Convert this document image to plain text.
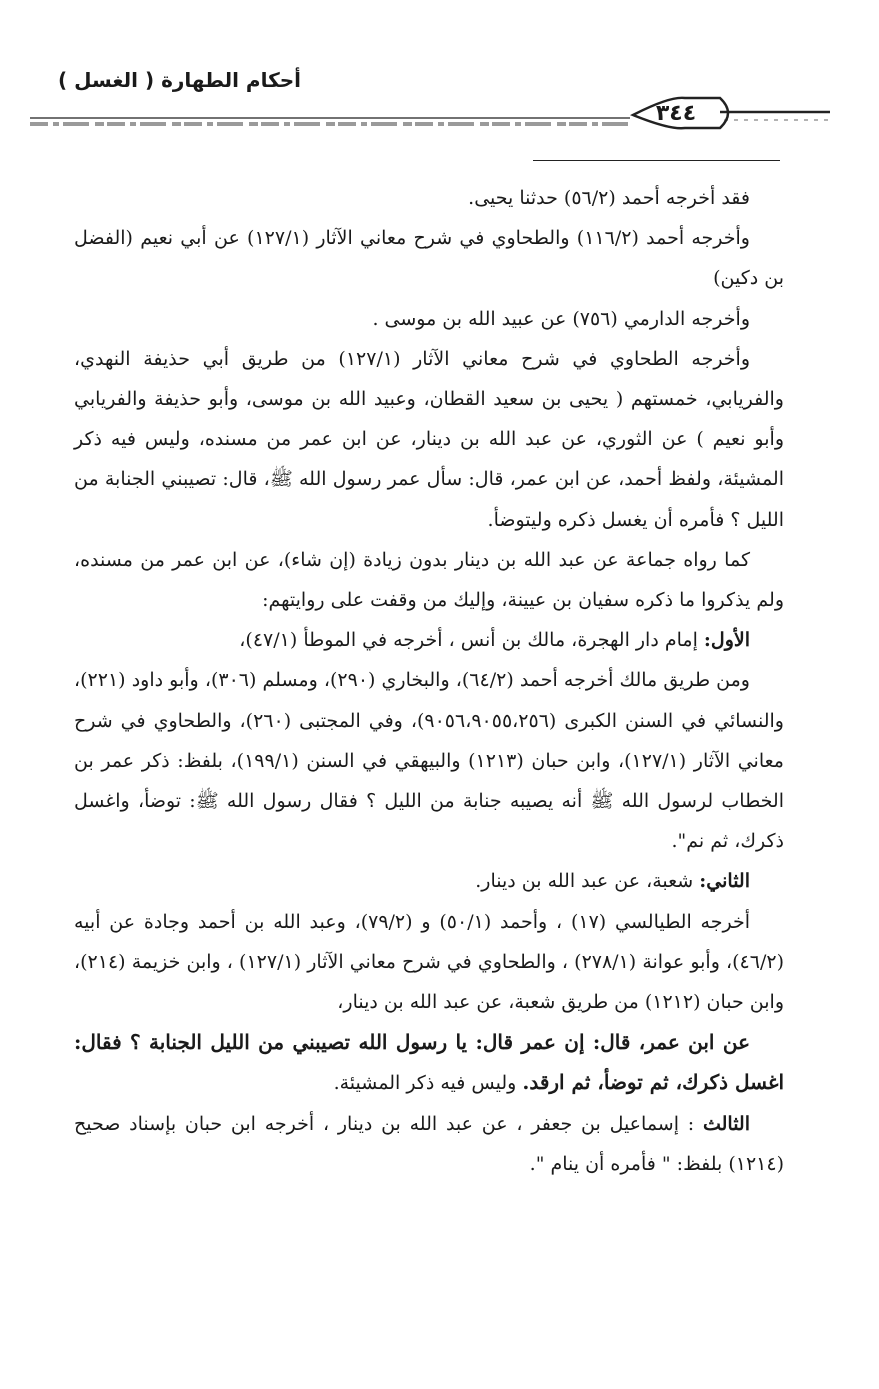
أحكام الطهارة ( الغسل )
٣٤٤

فقد أخرجه أحمد (٥٦/٢) حدثنا يحيى.

وأخرجه أحمد (١١٦/٢) والطحاوي في شرح معاني الآثار (١٢٧/١) عن أبي نعيم (الفضل بن دكين)

وأخرجه الدارمي (٧٥٦) عن عبيد الله بن موسى .

وأخرجه الطحاوي في شرح معاني الآثار (١٢٧/١) من طريق أبي حذيفة النهدي، والفريابي، خمستهم ( يحيى بن سعيد القطان، وعبيد الله بن موسى، وأبو حذيفة والفريابي وأبو نعيم ) عن الثوري، عن عبد الله بن دينار، عن ابن عمر من مسنده، وليس فيه ذكر المشيئة، ولفظ أحمد، عن ابن عمر، قال: سأل عمر رسول الله ﷺ، قال: تصيبني الجنابة من الليل ؟ فأمره أن يغسل ذكره وليتوضأ.

كما رواه جماعة عن عبد الله بن دينار بدون زيادة (إن شاء)، عن ابن عمر من مسنده، ولم يذكروا ما ذكره سفيان بن عيينة، وإليك من وقفت على روايتهم:

الأول: إمام دار الهجرة، مالك بن أنس ، أخرجه في الموطأ (٤٧/١)،

ومن طريق مالك أخرجه أحمد (٦٤/٢)، والبخاري (٢٩٠)، ومسلم (٣٠٦)، وأبو داود (٢٢١)، والنسائي في السنن الكبرى (٩٠٥٦،٩٠٥٥،٢٥٦)، وفي المجتبى (٢٦٠)، والطحاوي في شرح معاني الآثار (١٢٧/١)، وابن حبان (١٢١٣) والبيهقي في السنن (١٩٩/١)، بلفظ: ذكر عمر بن الخطاب لرسول الله ﷺ أنه يصيبه جنابة من الليل ؟ فقال رسول الله ﷺ: توضأ، واغسل ذكرك، ثم نم".

الثاني: شعبة، عن عبد الله بن دينار.

أخرجه الطيالسي (١٧) ، وأحمد (٥٠/١) و (٧٩/٢)، وعبد الله بن أحمد وجادة عن أبيه (٤٦/٢)، وأبو عوانة (٢٧٨/١) ، والطحاوي في شرح معاني الآثار (١٢٧/١) ، وابن خزيمة (٢١٤)، وابن حبان (١٢١٢) من طريق شعبة، عن عبد الله بن دينار،

عن ابن عمر، قال: إن عمر قال: يا رسول الله تصيبني من الليل الجنابة ؟ فقال: اغسل ذكرك، ثم توضأ، ثم ارقد. وليس فيه ذكر المشيئة.

الثالث : إسماعيل بن جعفر ، عن عبد الله بن دينار ، أخرجه ابن حبان بإسناد صحيح (١٢١٤) بلفظ: " فأمره أن ينام ".
